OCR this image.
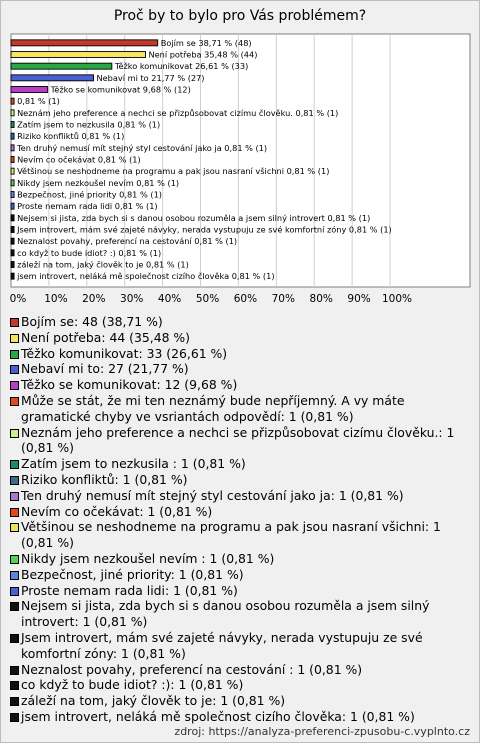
Proč by to bylo pro Vás problémem?
0% 10% 20% 30% 40% 50% 60% 70% 80% 90% 100%
Bojím se 38,71 % (48)
Není potřeba 35,48 % (44)
Těžko komunikovat 26,61 % (33)
Nebaví mi to 21,77 % (27)
Těžko se komunikovat 9,68 % (12)
0,81 % (1)
Neznám jeho preference a nechci se přizpůsobovat cizímu člověku. 0,81 % (1)
Zatím jsem to nezkusila 0,81 % (1)
Riziko konfliktů 0,81 % (1)
Ten druhý nemusí mít stejný styl cestování jako ja 0,81 % (1)
Nevím co očekávat 0,81 % (1)
Většinou se neshodneme na programu a pak jsou nasraní všichni 0,81 % (1)
Nikdy jsem nezkoušel nevím 0,81 % (1)
Bezpečnost, jiné priority 0,81 % (1)
Proste nemam rada lidi 0,81 % (1)
Nejsem si jista, zda bych si s danou osobou rozuměla a jsem silný introvert 0,81 % (1)
Jsem introvert, mám své zajeté návyky, nerada vystupuju ze své komfortní zóny 0,81 % (1)
Neznalost povahy, preferencí na cestování 0,81 % (1)
co když to bude idiot? :) 0,81 % (1)
záleží na tom, jaký člověk to je 0,81 % (1)
jsem introvert, neláká mě společnost cizího člověka 0,81 % (1)
Bojím se: 48 (38,71 %)
Není potřeba: 44 (35,48 %)
Těžko komunikovat: 33 (26,61 %)
Nebaví mi to: 27 (21,77 %)
Těžko se komunikovat: 12 (9,68 %)
Může se stát, že mi ten neznámý bude nepříjemný. A vy máte gramatické chyby ve vsriantách odpovědí: 1 (0,81 %)
Neznám jeho preference a nechci se přizpůsobovat cizímu člověku.: 1 (0,81 %)
Zatím jsem to nezkusila : 1 (0,81 %)
Riziko konfliktů: 1 (0,81 %)
Ten druhý nemusí mít stejný styl cestování jako ja: 1 (0,81 %)
Nevím co očekávat: 1 (0,81 %)
Většinou se neshodneme na programu a pak jsou nasraní všichni: 1 (0,81 %)
Nikdy jsem nezkoušel nevím : 1 (0,81 %)
Bezpečnost, jiné priority: 1 (0,81 %)
Proste nemam rada lidi: 1 (0,81 %)
Nejsem si jista, zda bych si s danou osobou rozuměla a jsem silný introvert: 1 (0,81 %)
Jsem introvert, mám své zajeté návyky, nerada vystupuju ze své komfortní zóny: 1 (0,81 %)
Neznalost povahy, preferencí na cestování : 1 (0,81 %)
co když to bude idiot? :): 1 (0,81 %)
záleží na tom, jaký člověk to je: 1 (0,81 %)
jsem introvert, neláká mě společnost cizího člověka: 1 (0,81 %)
zdroj: https://analyza-preferenci-zpusobu-c.vyplnto.cz
